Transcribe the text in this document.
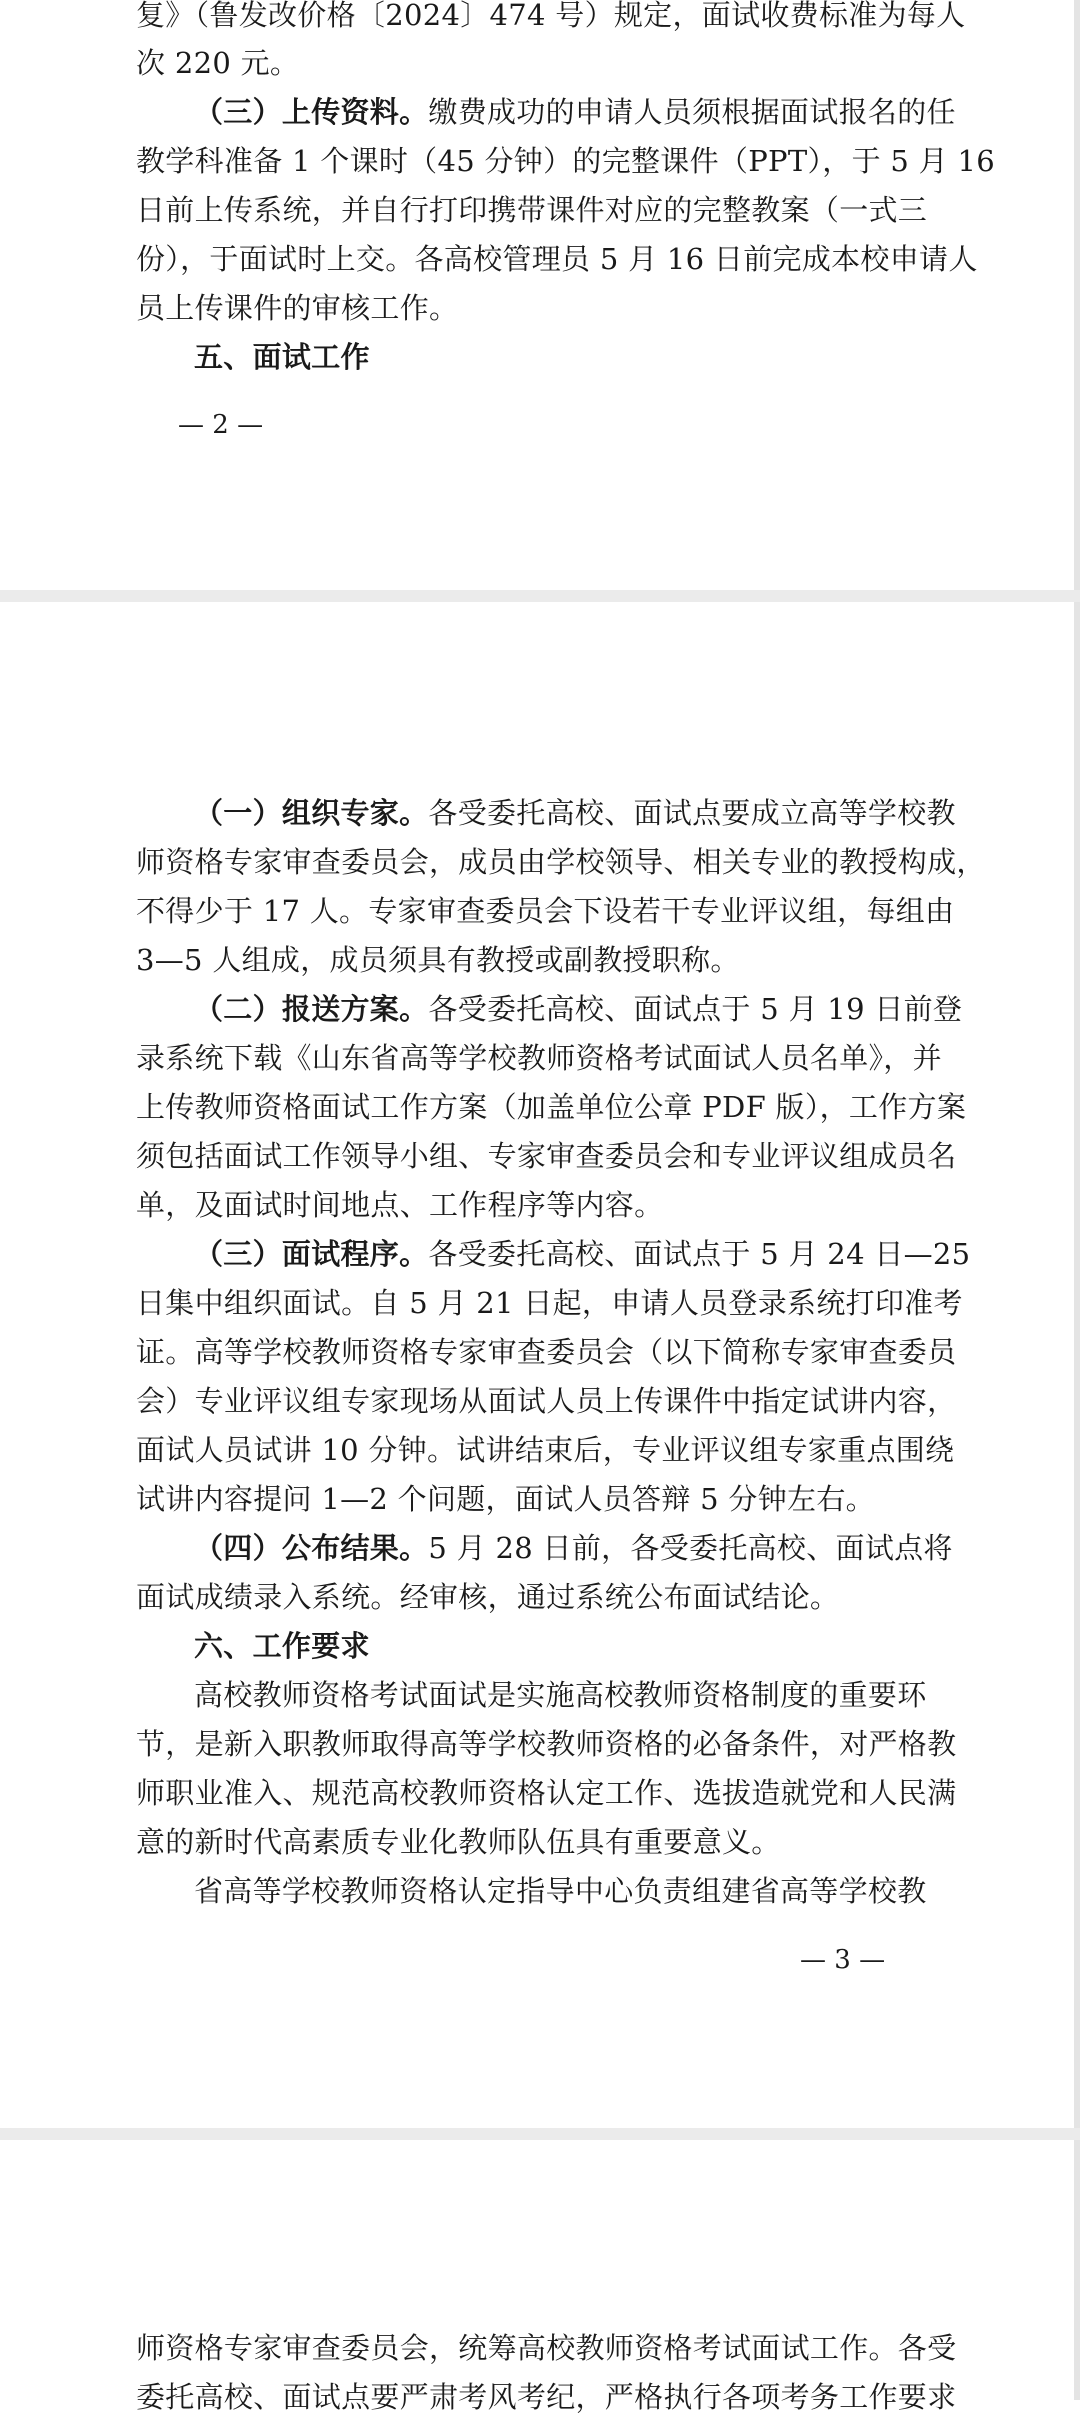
复》（鲁发改价格〔2024〕474 号）规定，面试收费标准为每人
次 220 元。
（三）上传资料。缴费成功的申请人员须根据面试报名的任
教学科准备 1 个课时（45 分钟）的完整课件（PPT），于 5 月 16
日前上传系统，并自行打印携带课件对应的完整教案（一式三
份），于面试时上交。各高校管理员 5 月 16 日前完成本校申请人
员上传课件的审核工作。
五、面试工作
— 2 —
（一）组织专家。各受委托高校、面试点要成立高等学校教
师资格专家审查委员会，成员由学校领导、相关专业的教授构成，
不得少于 17 人。专家审查委员会下设若干专业评议组，每组由
3—5 人组成，成员须具有教授或副教授职称。
（二）报送方案。各受委托高校、面试点于 5 月 19 日前登
录系统下载《山东省高等学校教师资格考试面试人员名单》，并
上传教师资格面试工作方案（加盖单位公章 PDF 版），工作方案
须包括面试工作领导小组、专家审查委员会和专业评议组成员名
单，及面试时间地点、工作程序等内容。
（三）面试程序。各受委托高校、面试点于 5 月 24 日—25
日集中组织面试。自 5 月 21 日起，申请人员登录系统打印准考
证。高等学校教师资格专家审查委员会（以下简称专家审查委员
会）专业评议组专家现场从面试人员上传课件中指定试讲内容，
面试人员试讲 10 分钟。试讲结束后，专业评议组专家重点围绕
试讲内容提问 1—2 个问题，面试人员答辩 5 分钟左右。
（四）公布结果。5 月 28 日前，各受委托高校、面试点将
面试成绩录入系统。经审核，通过系统公布面试结论。
六、工作要求
高校教师资格考试面试是实施高校教师资格制度的重要环
节，是新入职教师取得高等学校教师资格的必备条件，对严格教
师职业准入、规范高校教师资格认定工作、选拔造就党和人民满
意的新时代高素质专业化教师队伍具有重要意义。
省高等学校教师资格认定指导中心负责组建省高等学校教
— 3 —
师资格专家审查委员会，统筹高校教师资格考试面试工作。各受
委托高校、面试点要严肃考风考纪，严格执行各项考务工作要求
